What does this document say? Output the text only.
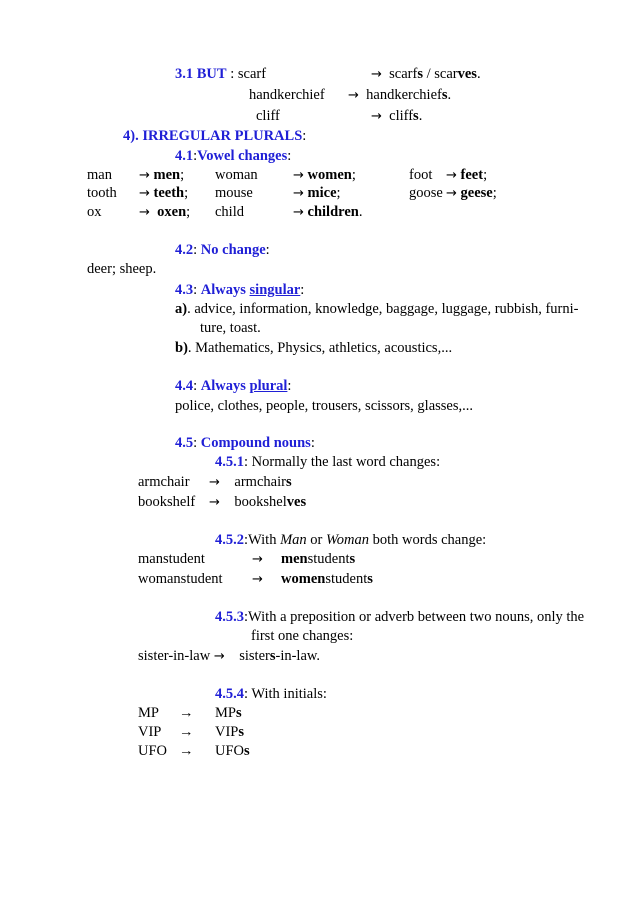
3.1 BUT : scarf	→ scarfs / scarves.
handkerchief → handkerchiefs.
cliff	→ cliffs.
4). IRREGULAR PLURALS:
4.1:Vowel changes:
man → men; woman	→ women;	foot → feet;
tooth → teeth; mouse	→ mice;	goose → geese;
ox	→ oxen; child	→ children.
4.2: No change:
deer; sheep.
4.3: Always singular:
a). advice, information, knowledge, baggage, luggage, rubbish, furni-
ture, toast.
b). Mathematics, Physics, athletics, acoustics,...
4.4: Always plural:
police, clothes, people, trousers, scissors, glasses,...
4.5: Compound nouns:
4.5.1: Normally the last word changes:
armchair → armchairs
bookshelf → bookshelves
4.5.2:With Man or Woman both words change:
manstudent	→ menstudents
womanstudent → womenstudents
4.5.3:With a preposition or adverb between two nouns, only the
first one changes:
sister-in-law → sisters-in-law.
4.5.4: With initials:
MP → MPs
VIP → VIPs
UFO → UFOs
